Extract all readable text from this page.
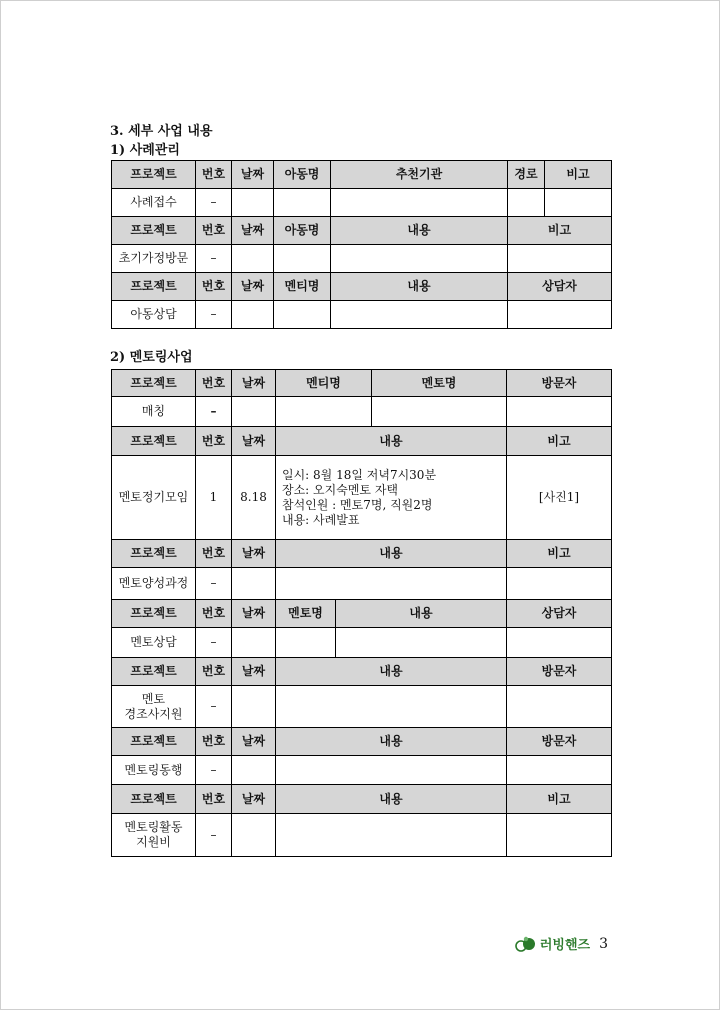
3. 세부 사업 내용
1) 사례관리
프로젝트	번호	날짜	아동명	추천기관	경로	비고
사례접수	–					
프로젝트	번호	날짜	아동명	내용	비고	
초기가정방문	–					
프로젝트	번호	날짜	멘티명	내용	상담자	
아동상담	–					
2) 멘토링사업
프로젝트	번호	날짜	멘티명		멘토명	방문자
매칭	–					
프로젝트	번호	날짜	내용			비고
멘토정기모임	1	8.18	일시: 8월 18일 저녁7시30분
장소: 오지숙멘토 자택
참석인원 : 멘토7명, 직원2명
내용: 사례발표			[사진1]
프로젝트	번호	날짜	내용			비고
멘토양성과정	–					
프로젝트	번호	날짜	멘토명	내용		상담자
멘토상담	–					
프로젝트	번호	날짜	내용			방문자

멘토
경조사지원	–					
프로젝트	번호	날짜	내용			방문자
멘토링동행	–					
프로젝트	번호	날짜	내용			비고

멘토링활동
지원비	–					
러빙핸즈 3
